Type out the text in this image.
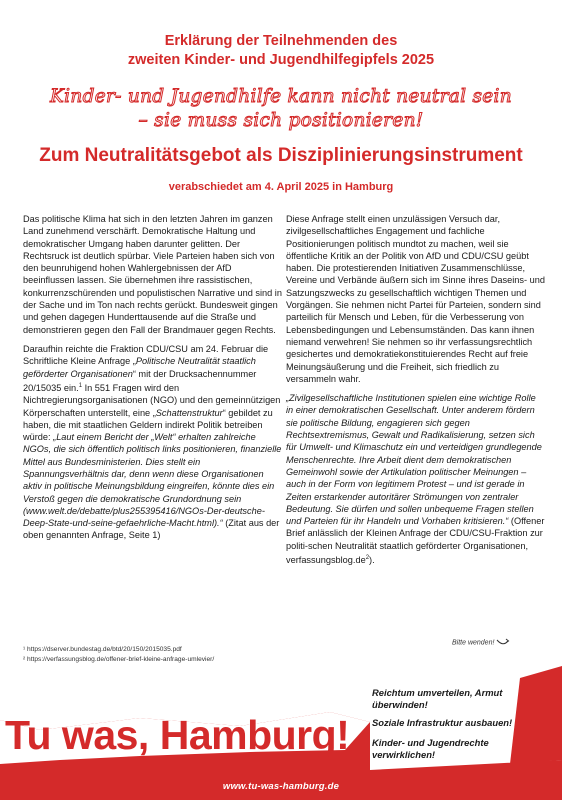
Erklärung der Teilnehmenden des
zweiten Kinder- und Jugendhilfegipfels 2025
Kinder- und Jugendhilfe kann nicht neutral sein
– sie muss sich positionieren!
Zum Neutralitätsgebot als Disziplinierungsinstrument
verabschiedet am 4. April 2025 in Hamburg

Das politische Klima hat sich in den letzten Jahren im ganzen Land zunehmend verschärft. Demokratische Haltung und demokratischer Umgang haben darunter gelitten. Der Rechtsruck ist deutlich spürbar. Viele Parteien haben sich von den beunruhigend hohen Wahlergebnissen der AfD beeinflussen lassen. Sie übernehmen ihre rassistischen, konkurrenzschürenden und populistischen Narrative und sind in der Sache und im Ton nach rechts gerückt. Bundesweit gingen und gehen dagegen Hunderttausende auf die Straße und demonstrieren gegen den Fall der Brandmauer gegen Rechts.

Daraufhin reichte die Fraktion CDU/CSU am 24. Februar die Schriftliche Kleine Anfrage „Politische Neutralität staatlich geförderter Organisationen“ mit der Drucksachennummer 20/15035 ein.$^1$ In 551 Fragen wird den Nichtregierungsorganisationen (NGO) und den gemeinnützigen Körperschaften unterstellt, eine „Schattenstruktur“ gebildet zu haben, die mit staatlichen Geldern indirekt Politik betreiben würde: „Laut einem Bericht der „Welt“ erhalten zahlreiche NGOs, die sich öffentlich politisch links positionieren, finanzielle Mittel aus Bundesministerien. Dies stellt ein Spannungsverhältnis dar, denn wenn diese Organisationen aktiv in politische Meinungsbildung eingreifen, könnte dies ein Verstoß gegen die demokratische Grundordnung sein (www.welt.de/debatte/plus255395416/NGOs-Der-deutsche-Deep-State-und-seine-gefaehrliche-Macht.html).“ (Zitat aus der oben genannten Anfrage, Seite 1)

Diese Anfrage stellt einen unzulässigen Versuch dar, zivilgesellschaftliches Engagement und fachliche Positionierungen politisch mundtot zu machen, weil sie öffentliche Kritik an der Politik von AfD und CDU/CSU geübt haben. Die protestierenden Initiativen Zusammenschlüsse, Vereine und Verbände äußern sich im Sinne ihres Daseins- und Satzungszwecks zu gesellschaftlich wichtigen Themen und Vorgängen. Sie nehmen nicht Partei für Parteien, sondern sind parteilich für Mensch und Leben, für die Verbesserung von Lebensbedingungen und Lebensumständen. Das kann ihnen niemand verwehren! Sie nehmen so ihr verfassungsrechtlich gesichertes und demokratiekonstituierendes Recht auf freie Meinungsäußerung und die Freiheit, sich friedlich zu versammeln wahr.

„Zivilgesellschaftliche Institutionen spielen eine wichtige Rolle in einer demokratischen Gesellschaft. Unter anderem fördern sie politische Bildung, engagieren sich gegen Rechtsextremismus, Gewalt und Radikalisierung, setzen sich für Umwelt- und Klimaschutz ein und verteidigen grundlegende Menschenrechte. Ihre Arbeit dient dem demokratischen Gemeinwohl sowie der Artikulation politischer Meinungen – auch in der Form von legitimem Protest – und ist gerade in Zeiten erstarkender autoritärer Strömungen von zentraler Bedeutung. Sie dürfen und sollen unbequeme Fragen stellen und Parteien für ihr Handeln und Vorhaben kritisieren.“ (Offener Brief anlässlich der Kleinen Anfrage der CDU/CSU-Fraktion zur politi-schen Neutralität staatlich geförderter Organisationen, $verfassungsblog.de^2$).

¹ https://dserver.bundestag.de/btd/20/150/2015035.pdf
² https://verfassungsblog.de/offener-brief-kleine-anfrage-umlevier/
Bitte wenden!
Tu was, Hamburg!
Reichtum umverteilen, Armut überwinden!
Soziale Infrastruktur ausbauen!
Kinder- und Jugendrechte verwirklichen!
www.tu-was-hamburg.de
